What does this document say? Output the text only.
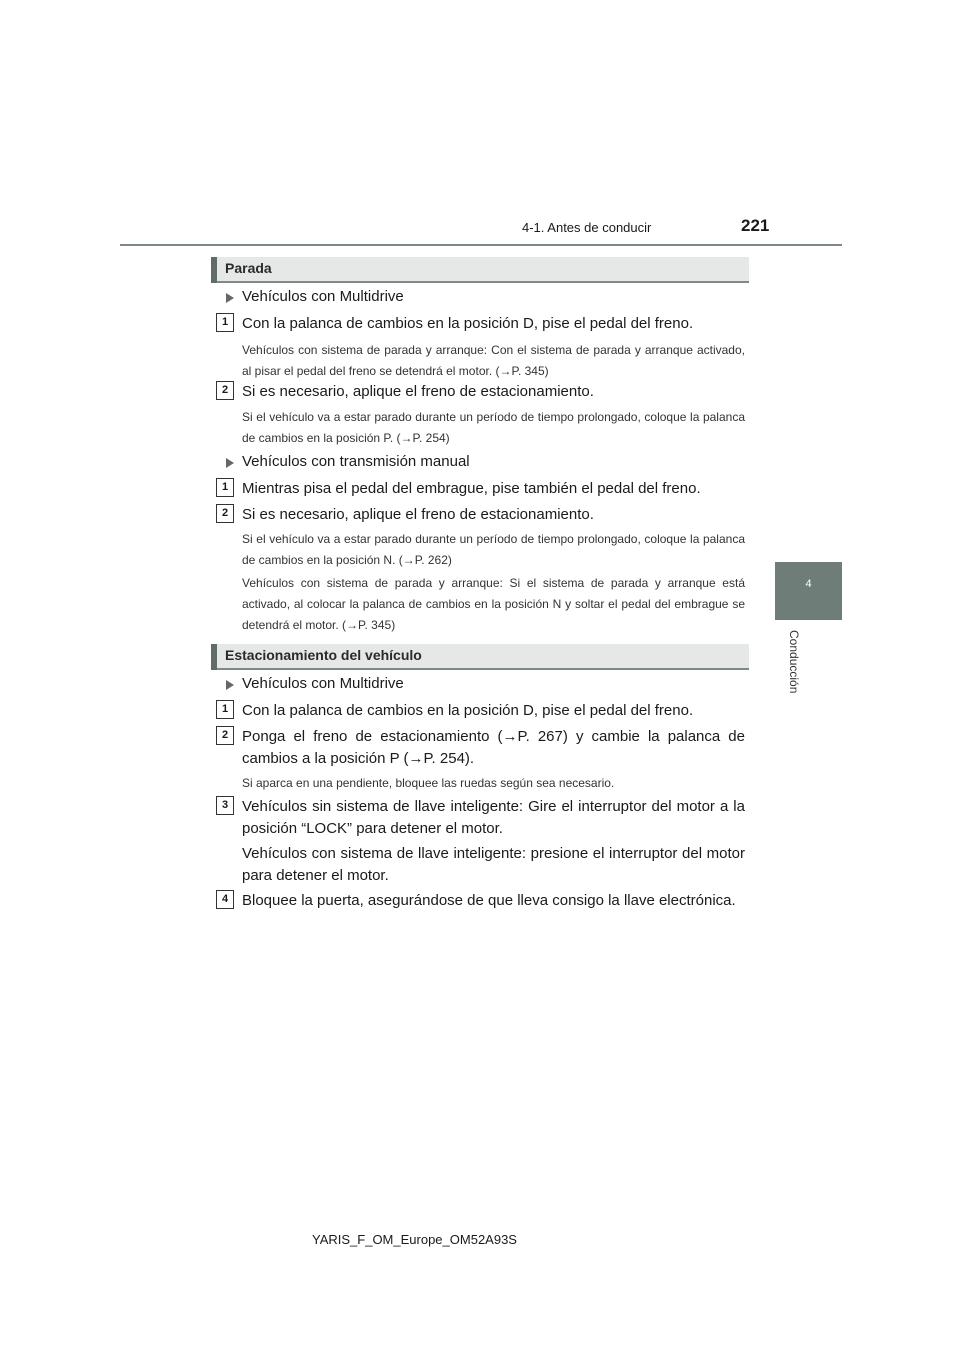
4-1. Antes de conducir	221
4
Conducción
Parada
Vehículos con Multidrive
1 Con la palanca de cambios en la posición D, pise el pedal del freno.
Vehículos con sistema de parada y arranque: Con el sistema de parada y arranque activado, al pisar el pedal del freno se detendrá el motor. (→P. 345)
2 Si es necesario, aplique el freno de estacionamiento.
Si el vehículo va a estar parado durante un período de tiempo prolongado, coloque la palanca de cambios en la posición P. (→P. 254)
Vehículos con transmisión manual
1 Mientras pisa el pedal del embrague, pise también el pedal del freno.
2 Si es necesario, aplique el freno de estacionamiento.
Si el vehículo va a estar parado durante un período de tiempo prolongado, coloque la palanca de cambios en la posición N. (→P. 262)
Vehículos con sistema de parada y arranque: Si el sistema de parada y arranque está activado, al colocar la palanca de cambios en la posición N y soltar el pedal del embrague se detendrá el motor. (→P. 345)
Estacionamiento del vehículo
Vehículos con Multidrive
1 Con la palanca de cambios en la posición D, pise el pedal del freno.
2 Ponga el freno de estacionamiento (→P. 267) y cambie la palanca de cambios a la posición P (→P. 254).
Si aparca en una pendiente, bloquee las ruedas según sea necesario.
3 Vehículos sin sistema de llave inteligente: Gire el interruptor del motor a la posición “LOCK” para detener el motor.
Vehículos con sistema de llave inteligente: presione el interruptor del motor para detener el motor.
4 Bloquee la puerta, asegurándose de que lleva consigo la llave electrónica.
YARIS_F_OM_Europe_OM52A93S
